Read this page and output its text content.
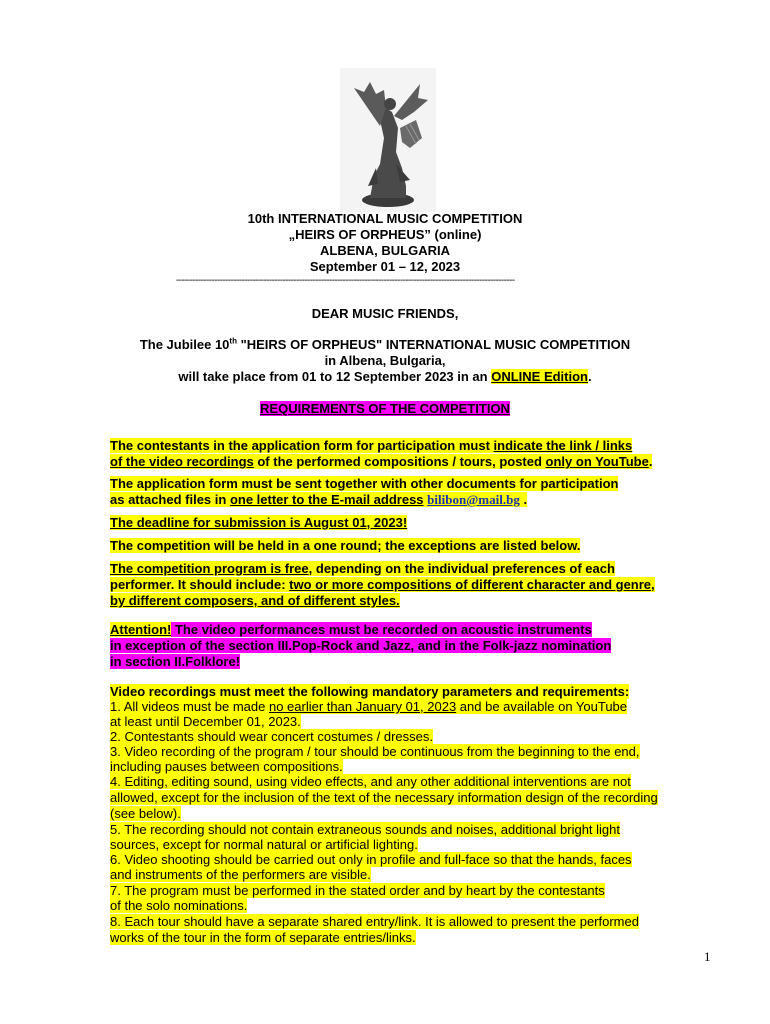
10th INTERNATIONAL MUSIC COMPETITION
„HEIRS OF ORPHEUS” (online)
ALBENA, BULGARIA
September 01 – 12, 2023
----------------------------------------------------------------------------------------------------------------------------
DEAR MUSIC FRIENDS,
The Jubilee 10th "HEIRS OF ORPHEUS" INTERNATIONAL MUSIC COMPETITION
in Albena, Bulgaria,
will take place from 01 to 12 September 2023 in an ONLINE Edition.
REQUIREMENTS OF THE COMPETITION
The contestants in the application form for participation must indicate the link / links
of the video recordings of the performed compositions / tours, posted only on YouTube.
The application form must be sent together with other documents for participation
as attached files in one letter to the E-mail address bilibon@mail.bg .
The deadline for submission is August 01, 2023!
The competition will be held in a one round; the exceptions are listed below.
The competition program is free, depending on the individual preferences of each
performer. It should include: two or more compositions of different character and genre,
by different composers, and of different styles.
Attention! The video performances must be recorded on acoustic instruments
in exception of the section III.Pop-Rock and Jazz, and in the Folk-jazz nomination
in section II.Folklore!
Video recordings must meet the following mandatory parameters and requirements:
1. All videos must be made no earlier than January 01, 2023 and be available on YouTube
at least until December 01, 2023.
2. Contestants should wear concert costumes / dresses.
3. Video recording of the program / tour should be continuous from the beginning to the end,
including pauses between compositions.
4. Editing, editing sound, using video effects, and any other additional interventions are not
allowed, except for the inclusion of the text of the necessary information design of the recording
(see below).
5. The recording should not contain extraneous sounds and noises, additional bright light
sources, except for normal natural or artificial lighting.
6. Video shooting should be carried out only in profile and full-face so that the hands, faces
and instruments of the performers are visible.
7. The program must be performed in the stated order and by heart by the contestants
of the solo nominations.
8. Each tour should have a separate shared entry/link. It is allowed to present the performed
works of the tour in the form of separate entries/links.
1
